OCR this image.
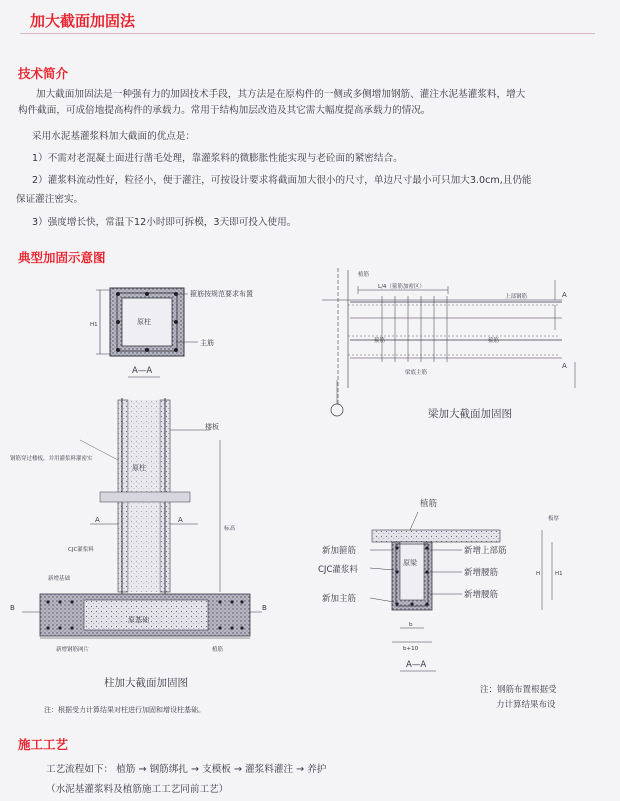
加大截面加固法
技术简介
加大截面加固法是一种强有力的加固技术手段，其方法是在原构件的一侧或多侧增加钢筋、灌注水泥基灌浆料，增大
构件截面，可成倍地提高构件的承载力。常用于结构加层改造及其它需大幅度提高承载力的情况。
采用水泥基灌浆料加大截面的优点是：
1）不需对老混凝土面进行凿毛处理，靠灌浆料的微膨胀性能实现与老砼面的紧密结合。
2）灌浆料流动性好，粒径小，便于灌注，可按设计要求将截面加大很小的尺寸，单边尺寸最小可只加大3.0cm,且仍能
保证灌注密实。
3）强度增长快，常温下12小时即可拆模，3天即可投入使用。
典型加固示意图
箍筋按规范要求布置
原柱
主筋
H1
A—A
植筋
L/4（箍筋加密区）
上部钢筋
箍筋	箍筋
梁底主筋
A
A
梁加大截面加固图
楼板
钢筋穿过楼板，并用灌浆料灌密实
原柱
标高
A	A
CJC灌浆料
新增基础
原基础
新增钢筋网片	植筋
B	B
柱加大截面加固图
注：根据受力计算结果对柱进行加固和增设柱基础。
植筋
新加箍筋
CJC灌浆料
新加主筋
原梁
新增上部筋
新增腰筋
新增腰筋
b
b+10
H	H1
板厚
A—A
注：钢筋布置根据受
力计算结果布设
施工工艺
工艺流程如下： 植筋 → 钢筋绑扎 → 支模板 → 灌浆料灌注 → 养护
（水泥基灌浆料及植筋施工工艺同前工艺）
